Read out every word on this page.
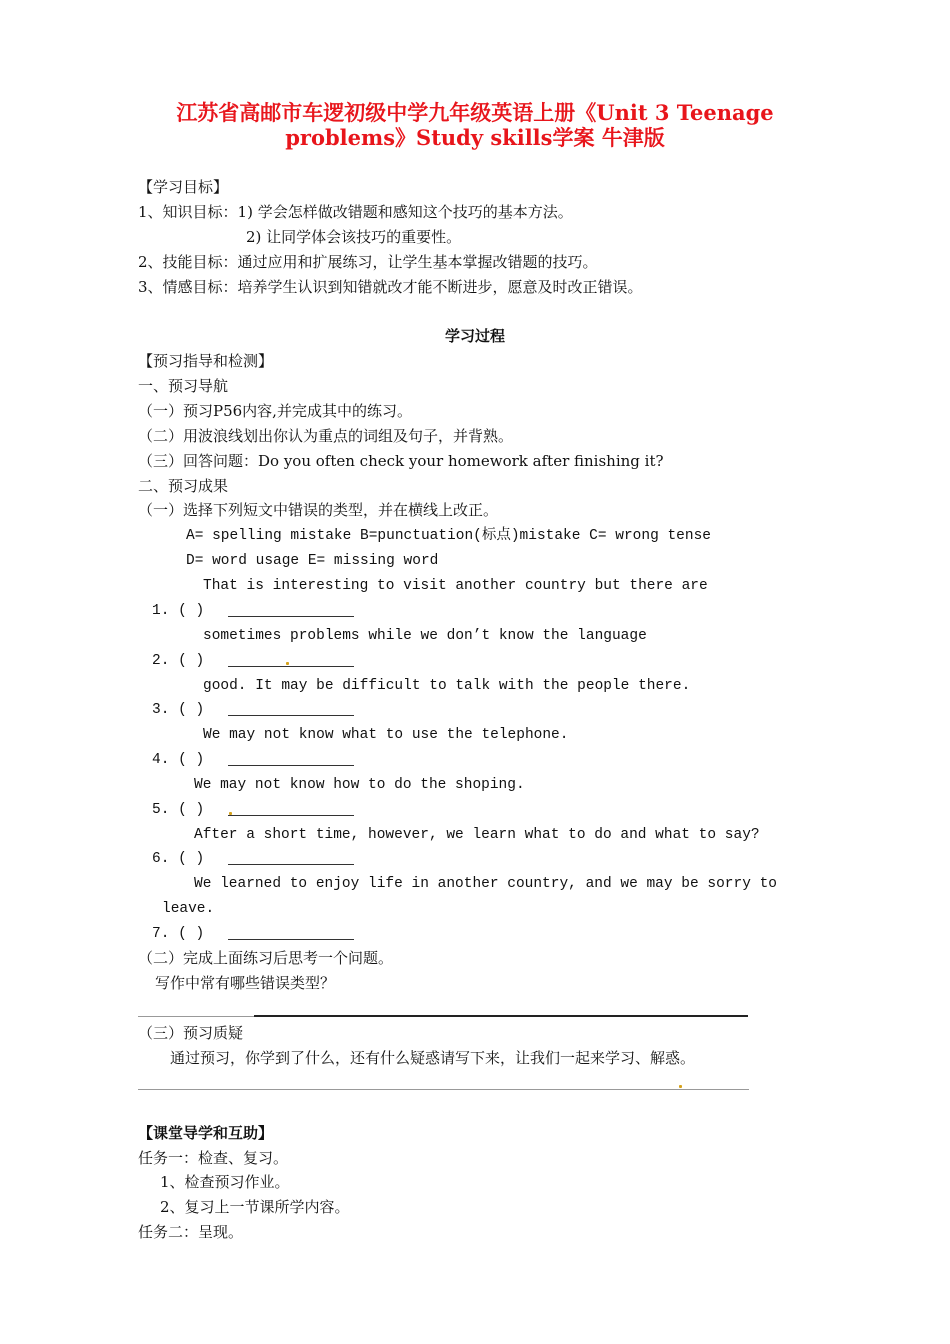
江苏省高邮市车逻初级中学九年级英语上册《Unit 3 Teenage
problems》Study skills学案 牛津版
【学习目标】
1、知识目标：1) 学会怎样做改错题和感知这个技巧的基本方法。
2) 让同学体会该技巧的重要性。
2、技能目标：通过应用和扩展练习，让学生基本掌握改错题的技巧。
3、情感目标：培养学生认识到知错就改才能不断进步，愿意及时改正错误。
学习过程
【预习指导和检测】
一、预习导航
（一）预习P56内容,并完成其中的练习。
（二）用波浪线划出你认为重点的词组及句子，并背熟。
（三）回答问题：Do you often check your homework after finishing it?
二、预习成果
（一）选择下列短文中错误的类型，并在横线上改正。
A= spelling mistake B=punctuation(标点)mistake C= wrong tense
D= word usage E= missing word
That is interesting to visit another country but there are
1. ( )
sometimes problems while we don’t know the language
2. ( )
good. It may be difficult to talk with the people there.
3. ( )
We may not know what to use the telephone.
4. ( )
We may not know how to do the shoping.
5. ( )
After a short time, however, we learn what to do and what to say?
6. ( )
We learned to enjoy life in another country, and we may be sorry to
leave.
7. ( )
（二）完成上面练习后思考一个问题。
写作中常有哪些错误类型？
（三）预习质疑
通过预习，你学到了什么，还有什么疑惑请写下来，让我们一起来学习、解惑。
【课堂导学和互助】
任务一：检查、复习。
1、检查预习作业。
2、复习上一节课所学内容。
任务二：呈现。
